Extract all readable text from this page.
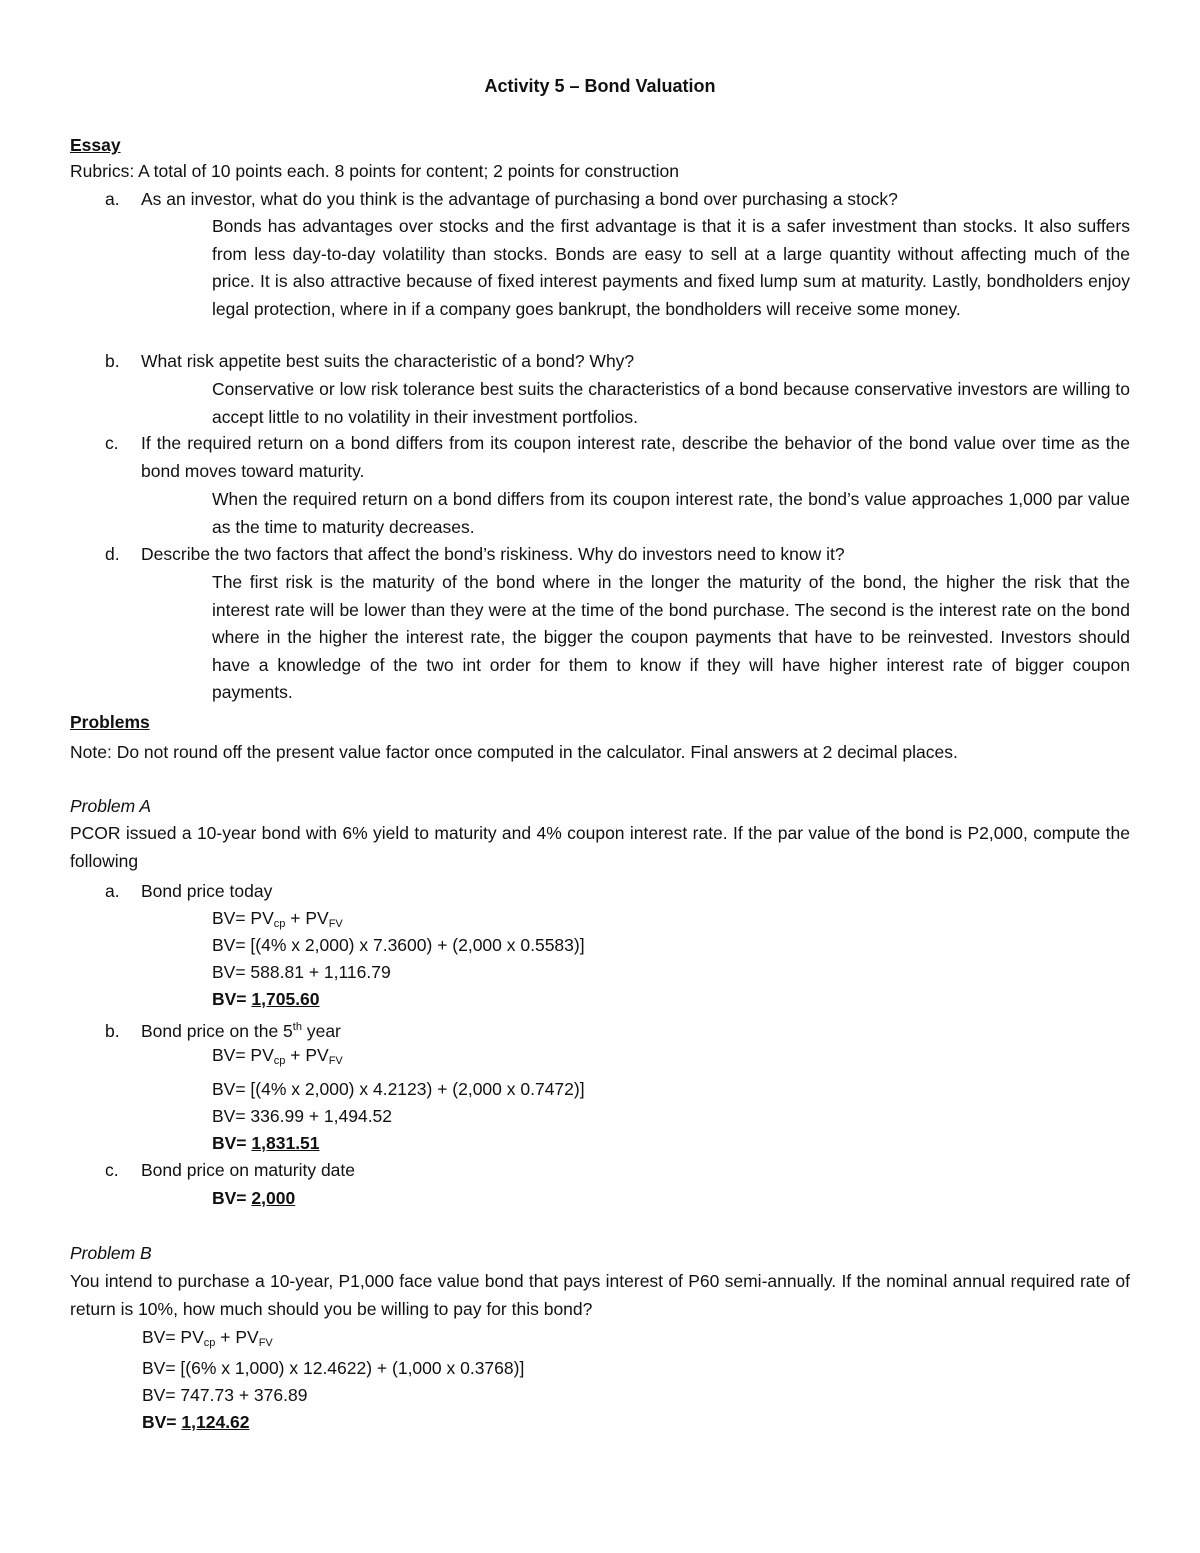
Activity 5 – Bond Valuation
Essay
Rubrics: A total of 10 points each. 8 points for content; 2 points for construction
a. As an investor, what do you think is the advantage of purchasing a bond over purchasing a stock?
Bonds has advantages over stocks and the first advantage is that it is a safer investment than stocks. It also suffers from less day-to-day volatility than stocks. Bonds are easy to sell at a large quantity without affecting much of the price. It is also attractive because of fixed interest payments and fixed lump sum at maturity. Lastly, bondholders enjoy legal protection, where in if a company goes bankrupt, the bondholders will receive some money.
b. What risk appetite best suits the characteristic of a bond? Why?
Conservative or low risk tolerance best suits the characteristics of a bond because conservative investors are willing to accept little to no volatility in their investment portfolios.
c.	If the required return on a bond differs from its coupon interest rate, describe the behavior of the bond value over time as the bond moves toward maturity.
When the required return on a bond differs from its coupon interest rate, the bond’s value approaches 1,000 par value as the time to maturity decreases.
d. Describe the two factors that affect the bond’s riskiness. Why do investors need to know it?
The first risk is the maturity of the bond where in the longer the maturity of the bond, the higher the risk that the interest rate will be lower than they were at the time of the bond purchase. The second is the interest rate on the bond where in the higher the interest rate, the bigger the coupon payments that have to be reinvested. Investors should have a knowledge of the two int order for them to know if they will have higher interest rate of bigger coupon payments.
Problems
Note: Do not round off the present value factor once computed in the calculator. Final answers at 2 decimal places.
Problem A
PCOR issued a 10-year bond with 6% yield to maturity and 4% coupon interest rate. If the par value of the bond is P2,000, compute the following
a. Bond price today
$BV= PV_{cp} + PV_{FV}$
BV= [(4% x 2,000) x 7.3600) + (2,000 x 0.5583)]
BV= 588.81 + 1,116.79
BV= 1,705.60
b. Bond price on the 5th year
$BV= PV_{cp} + PV_{FV}$
BV= [(4% x 2,000) x 4.2123) + (2,000 x 0.7472)]
BV= 336.99 + 1,494.52
BV= 1,831.51
c. Bond price on maturity date
BV= 2,000
Problem B
You intend to purchase a 10-year, P1,000 face value bond that pays interest of P60 semi-annually. If the nominal annual required rate of return is 10%, how much should you be willing to pay for this bond?
$BV= PV_{cp} + PV_{FV}$
BV= [(6% x 1,000) x 12.4622) + (1,000 x 0.3768)]
BV= 747.73 + 376.89
BV= 1,124.62
